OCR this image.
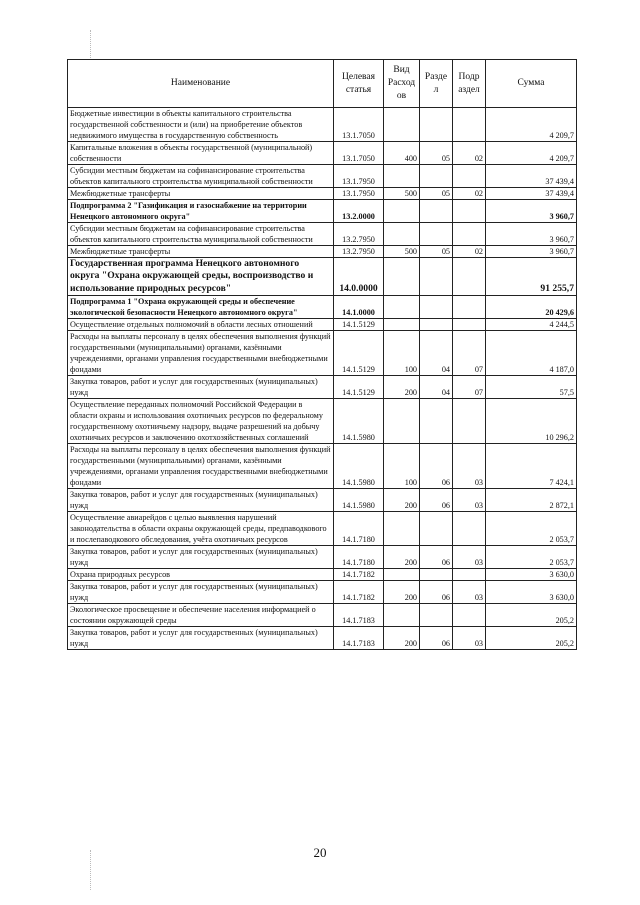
Наименование	Целевая статья	Вид Расход ов	Разде л	Подр аздел	Сумма
Бюджетные инвестиции в объекты капитального строительства государственной собственности и (или) на приобретение объектов недвижимого имущества в государственную собственность	13.1.7050				4 209,7
Капитальные вложения в объекты государственной (муниципальной) собственности	13.1.7050	400	05	02	4 209,7
Субсидии местным бюджетам на софинансирование строительства объектов капитального строительства муниципальной собственности	13.1.7950				37 439,4
Межбюджетные трансферты	13.1.7950	500	05	02	37 439,4
Подпрограмма 2 "Газификация и газоснабжение на территории Ненецкого автономного округа"	13.2.0000				3 960,7
Субсидии местным бюджетам на софинансирование строительства объектов капитального строительства муниципальной собственности	13.2.7950				3 960,7
Межбюджетные трансферты	13.2.7950	500	05	02	3 960,7
Государственная программа Ненецкого автономного округа "Охрана окружающей среды, воспроизводство и использование природных ресурсов"	14.0.0000				91 255,7
Подпрограмма 1 "Охрана окружающей среды и обеспечение экологической безопасности Ненецкого автономного округа"	14.1.0000				20 429,6
Осуществление отдельных полномочий в области лесных отношений	14.1.5129				4 244,5
Расходы на выплаты персоналу в целях обеспечения выполнения функций государственными (муниципальными) органами, казёнными учреждениями, органами управления государственными внебюджетными фондами	14.1.5129	100	04	07	4 187,0
Закупка товаров, работ и услуг для государственных (муниципальных) нужд	14.1.5129	200	04	07	57,5
Осуществление переданных полномочий Российской Федерации в области охраны и использования охотничьих ресурсов по федеральному государственному охотничьему надзору, выдаче разрешений на добычу охотничьих ресурсов и заключению охотхозяйственных соглашений	14.1.5980				10 296,2
Расходы на выплаты персоналу в целях обеспечения выполнения функций государственными (муниципальными) органами, казёнными учреждениями, органами управления государственными внебюджетными фондами	14.1.5980	100	06	03	7 424,1
Закупка товаров, работ и услуг для государственных (муниципальных) нужд	14.1.5980	200	06	03	2 872,1
Осуществление авиарейдов с целью выявления нарушений законодательства в области охраны окружающей среды, предпаводкового и послепаводкового обследования, учёта охотничьих ресурсов	14.1.7180				2 053,7
Закупка товаров, работ и услуг для государственных (муниципальных) нужд	14.1.7180	200	06	03	2 053,7
Охрана природных ресурсов	14.1.7182				3 630,0
Закупка товаров, работ и услуг для государственных (муниципальных) нужд	14.1.7182	200	06	03	3 630,0
Экологическое просвещение и обеспечение населения информацией о состоянии окружающей среды	14.1.7183				205,2
Закупка товаров, работ и услуг для государственных (муниципальных) нужд	14.1.7183	200	06	03	205,2
20
